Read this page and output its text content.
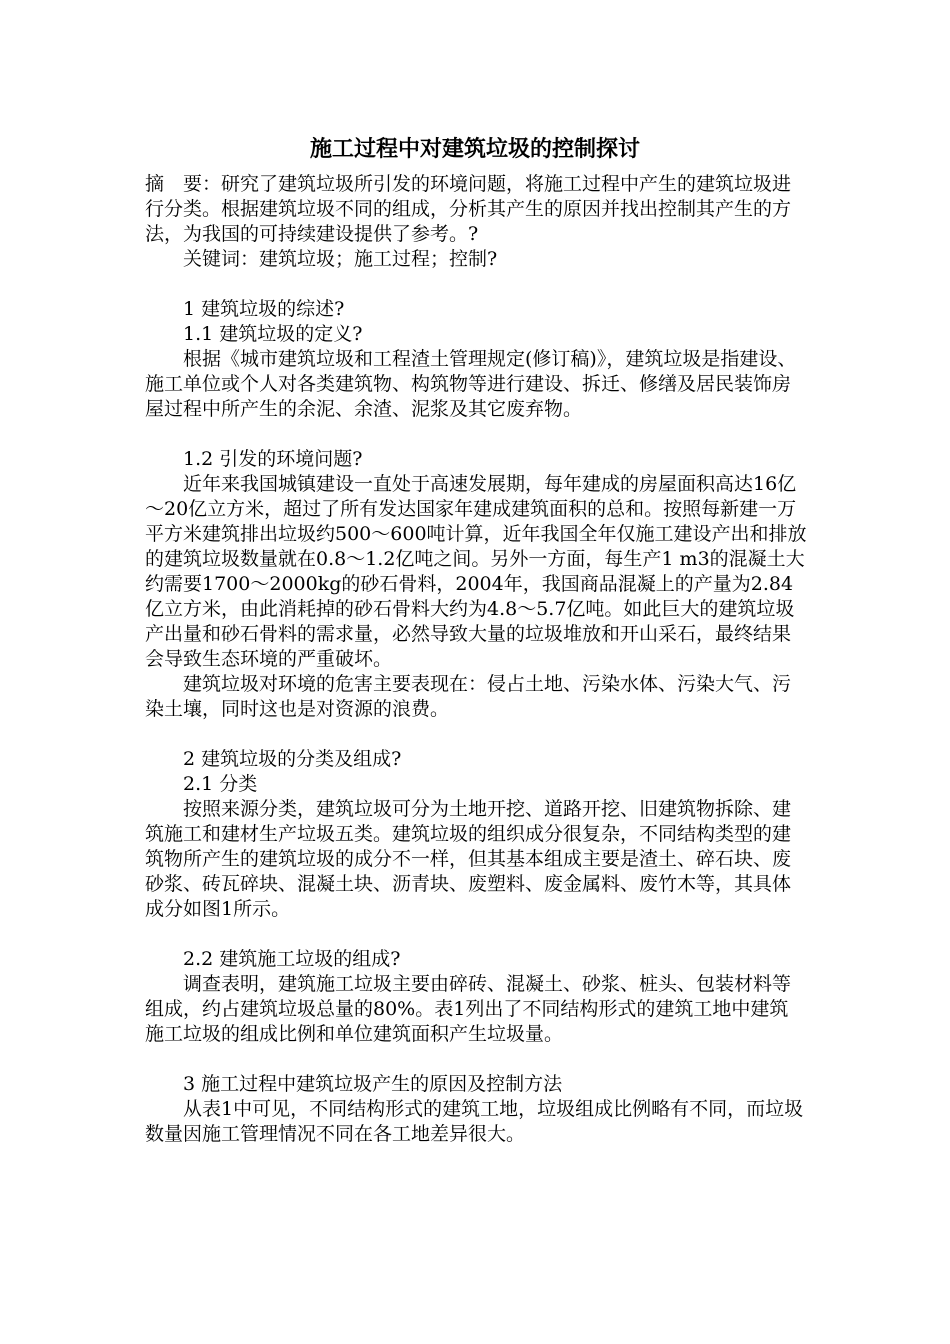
施工过程中对建筑垃圾的控制探讨

摘　要：研究了建筑垃圾所引发的环境问题，将施工过程中产生的建筑垃圾进行分类。根据建筑垃圾不同的组成，分析其产生的原因并找出控制其产生的方法，为我国的可持续建设提供了参考。?

关键词：建筑垃圾；施工过程；控制?

1 建筑垃圾的综述?

1.1 建筑垃圾的定义?

根据《城市建筑垃圾和工程渣土管理规定(修订稿)》，建筑垃圾是指建设、施工单位或个人对各类建筑物、构筑物等进行建设、拆迁、修缮及居民装饰房屋过程中所产生的余泥、余渣、泥浆及其它废弃物。

1.2 引发的环境问题?

近年来我国城镇建设一直处于高速发展期，每年建成的房屋面积高达16亿～20亿立方米，超过了所有发达国家年建成建筑面积的总和。按照每新建一万平方米建筑排出垃圾约500～600吨计算，近年我国全年仅施工建设产出和排放的建筑垃圾数量就在0.8～1.2亿吨之间。另外一方面，每生产1 m3的混凝土大约需要1700～2000kg的砂石骨料，2004年，我国商品混凝上的产量为2.84亿立方米，由此消耗掉的砂石骨料大约为4.8～5.7亿吨。如此巨大的建筑垃圾产出量和砂石骨料的需求量，必然导致大量的垃圾堆放和开山采石，最终结果会导致生态环境的严重破坏。

建筑垃圾对环境的危害主要表现在：侵占土地、污染水体、污染大气、污染土壤，同时这也是对资源的浪费。

2 建筑垃圾的分类及组成?

2.1 分类

按照来源分类，建筑垃圾可分为土地开挖、道路开挖、旧建筑物拆除、建筑施工和建材生产垃圾五类。建筑垃圾的组织成分很复杂，不同结构类型的建筑物所产生的建筑垃圾的成分不一样，但其基本组成主要是渣土、碎石块、废砂浆、砖瓦碎块、混凝土块、沥青块、废塑料、废金属料、废竹木等，其具体成分如图1所示。

2.2 建筑施工垃圾的组成?

调查表明，建筑施工垃圾主要由碎砖、混凝土、砂浆、桩头、包装材料等组成，约占建筑垃圾总量的80%。表1列出了不同结构形式的建筑工地中建筑施工垃圾的组成比例和单位建筑面积产生垃圾量。

3 施工过程中建筑垃圾产生的原因及控制方法

从表1中可见，不同结构形式的建筑工地，垃圾组成比例略有不同，而垃圾数量因施工管理情况不同在各工地差异很大。
